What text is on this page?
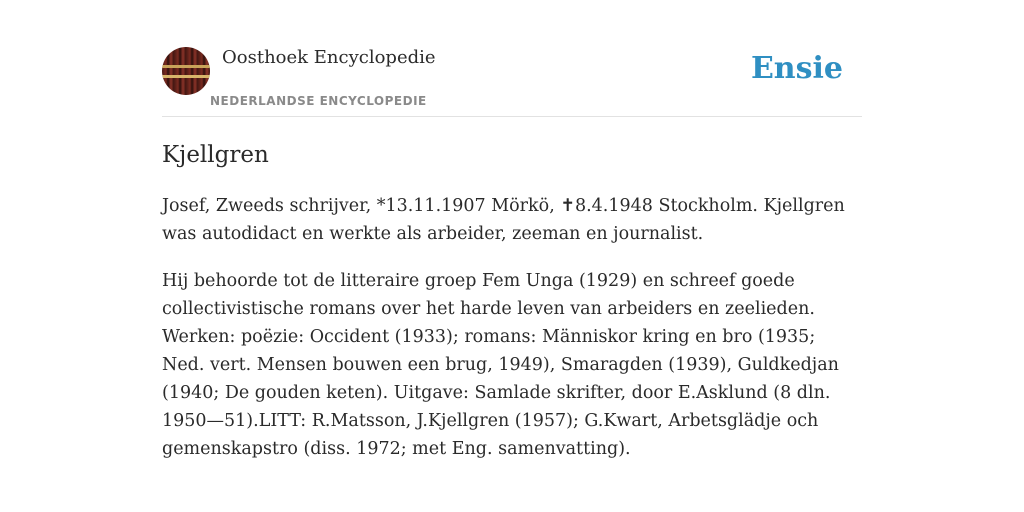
Oosthoek Encyclopedie
NEDERLANDSE ENCYCLOPEDIE
Ensie
Kjellgren

Josef, Zweeds schrijver, *13.11.1907 Mörkö, ✝8.4.1948 Stockholm. Kjellgren was autodidact en werkte als arbeider, zeeman en journalist.

Hij behoorde tot de litteraire groep Fem Unga (1929) en schreef goede collectivistische romans over het harde leven van arbeiders en zeelieden. Werken: poëzie: Occident (1933); romans: Människor kring en bro (1935; Ned. vert. Mensen bouwen een brug, 1949), Smaragden (1939), Guldkedjan (1940; De gouden keten). Uitgave: Samlade skrifter, door E.Asklund (8 dln. 1950—51).LITT: R.Matsson, J.Kjellgren (1957); G.Kwart, Arbetsglädje och gemenskapstro (diss. 1972; met Eng. samenvatting).
